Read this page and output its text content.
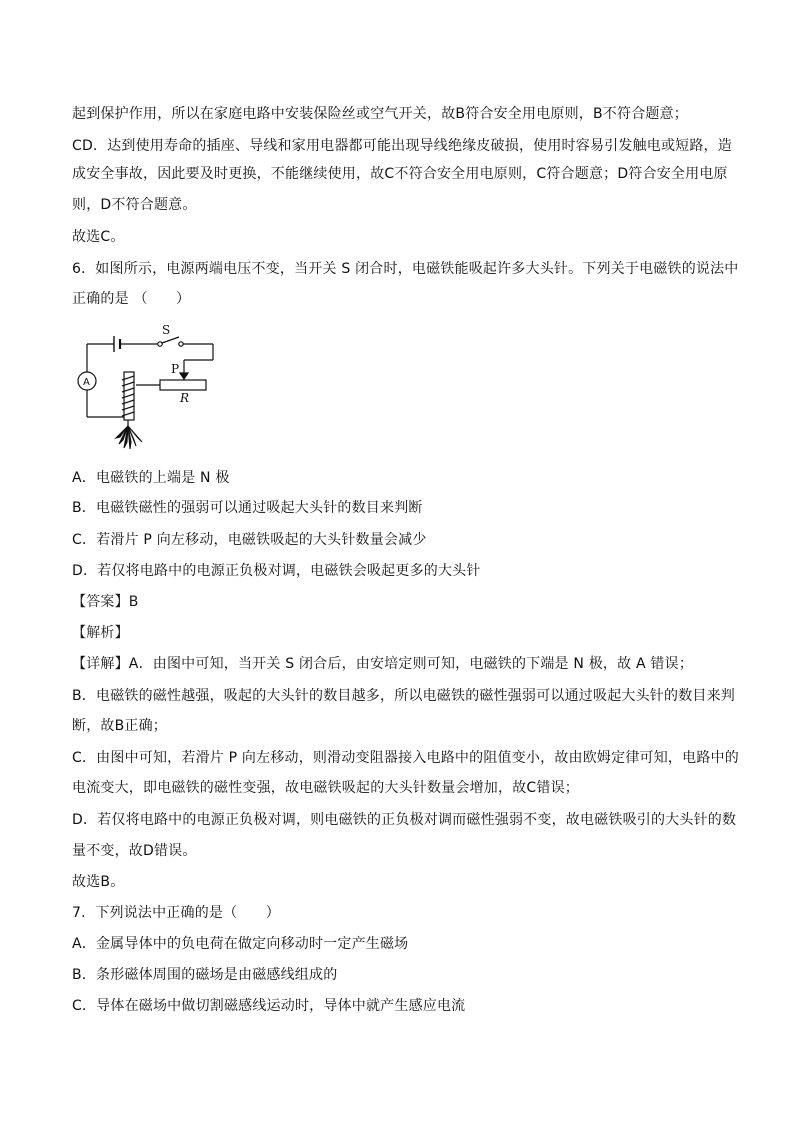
起到保护作用，所以在家庭电路中安装保险丝或空气开关，故B符合安全用电原则，B不符合题意；
CD．达到使用寿命的插座、导线和家用电器都可能出现导线绝缘皮破损，使用时容易引发触电或短路，造
成安全事故，因此要及时更换，不能继续使用，故C不符合安全用电原则，C符合题意；D符合安全用电原
则，D不符合题意。
故选C。
6．如图所示，电源两端电压不变，当开关 S 闭合时，电磁铁能吸起许多大头针。下列关于电磁铁的说法中
正确的是 （　　）
S
P
R
A
A．电磁铁的上端是 N 极
B．电磁铁磁性的强弱可以通过吸起大头针的数目来判断
C．若滑片 P 向左移动，电磁铁吸起的大头针数量会减少
D．若仅将电路中的电源正负极对调，电磁铁会吸起更多的大头针
【答案】B
【解析】
【详解】A．由图中可知，当开关 S 闭合后，由安培定则可知，电磁铁的下端是 N 极，故 A 错误；
B．电磁铁的磁性越强，吸起的大头针的数目越多，所以电磁铁的磁性强弱可以通过吸起大头针的数目来判
断，故B正确；
C．由图中可知，若滑片 P 向左移动，则滑动变阻器接入电路中的阻值变小，故由欧姆定律可知，电路中的
电流变大，即电磁铁的磁性变强，故电磁铁吸起的大头针数量会增加，故C错误；
D．若仅将电路中的电源正负极对调，则电磁铁的正负极对调而磁性强弱不变，故电磁铁吸引的大头针的数
量不变，故D错误。
故选B。
7．下列说法中正确的是（　　）
A．金属导体中的负电荷在做定向移动时一定产生磁场
B．条形磁体周围的磁场是由磁感线组成的
C．导体在磁场中做切割磁感线运动时，导体中就产生感应电流
